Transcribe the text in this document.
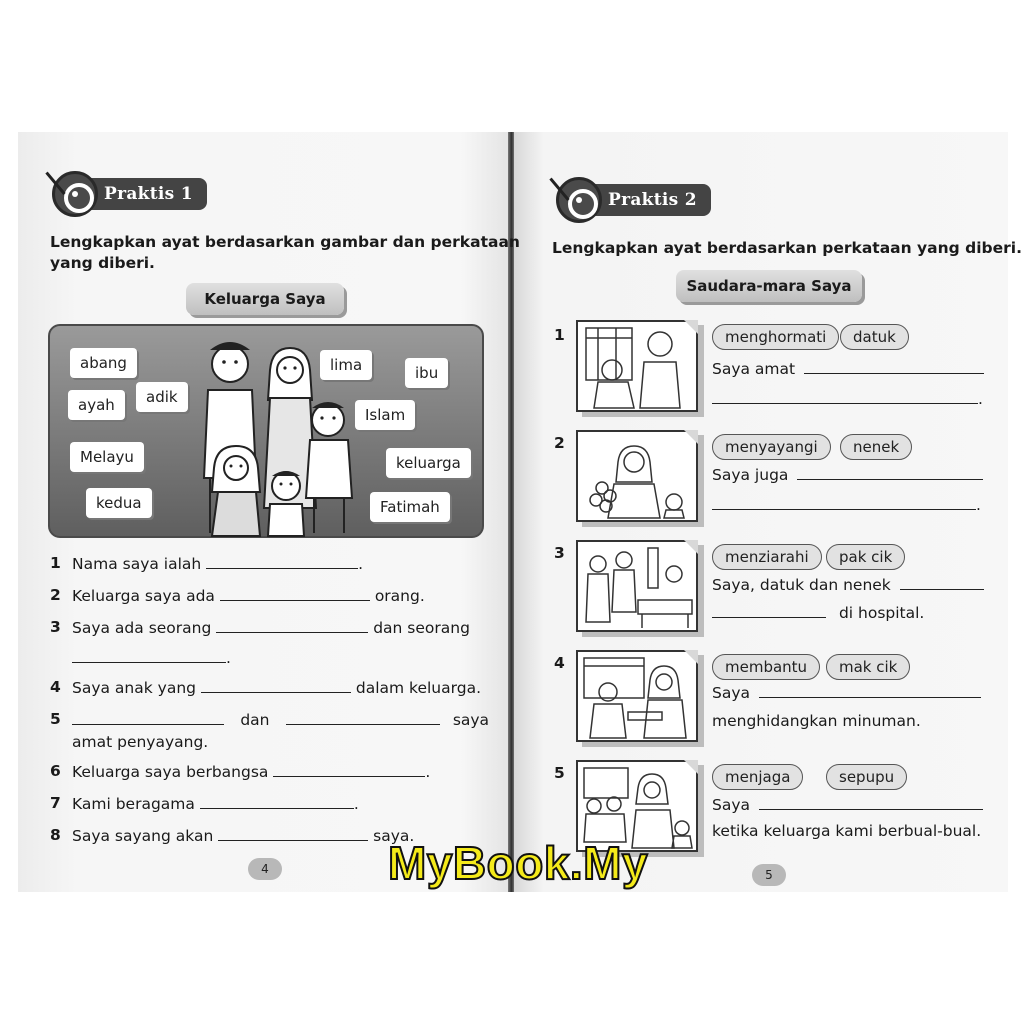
Praktis 1
Lengkapkan ayat berdasarkan gambar dan perkataan
yang diberi.
Keluarga Saya
abang	lima	ibu
adik
ayah
Islam
Melayu	keluarga
kedua	Fatimah
1 Nama saya ialah	.
2 Keluarga saya ada	orang.
3 Saya ada seorang	dan seorang
.
4 Saya anak yang	dalam keluarga.
5	dan	saya
amat penyayang.
6 Keluarga saya berbangsa	.
7 Kami beragama	.
8 Saya sayang akan	saya.
4
Praktis 2
Lengkapkan ayat berdasarkan perkataan yang diberi.
Saudara-mara Saya
1	menghormati	datuk
Saya amat
.
2	menyayangi	nenek
Saya juga
.
3	menziarahi	pak cik
Saya, datuk dan nenek
di hospital.
4	membantu	mak cik
Saya
menghidangkan minuman.
5	menjaga	sepupu
Saya
ketika keluarga kami berbual-bual.
5
MyBook.My
